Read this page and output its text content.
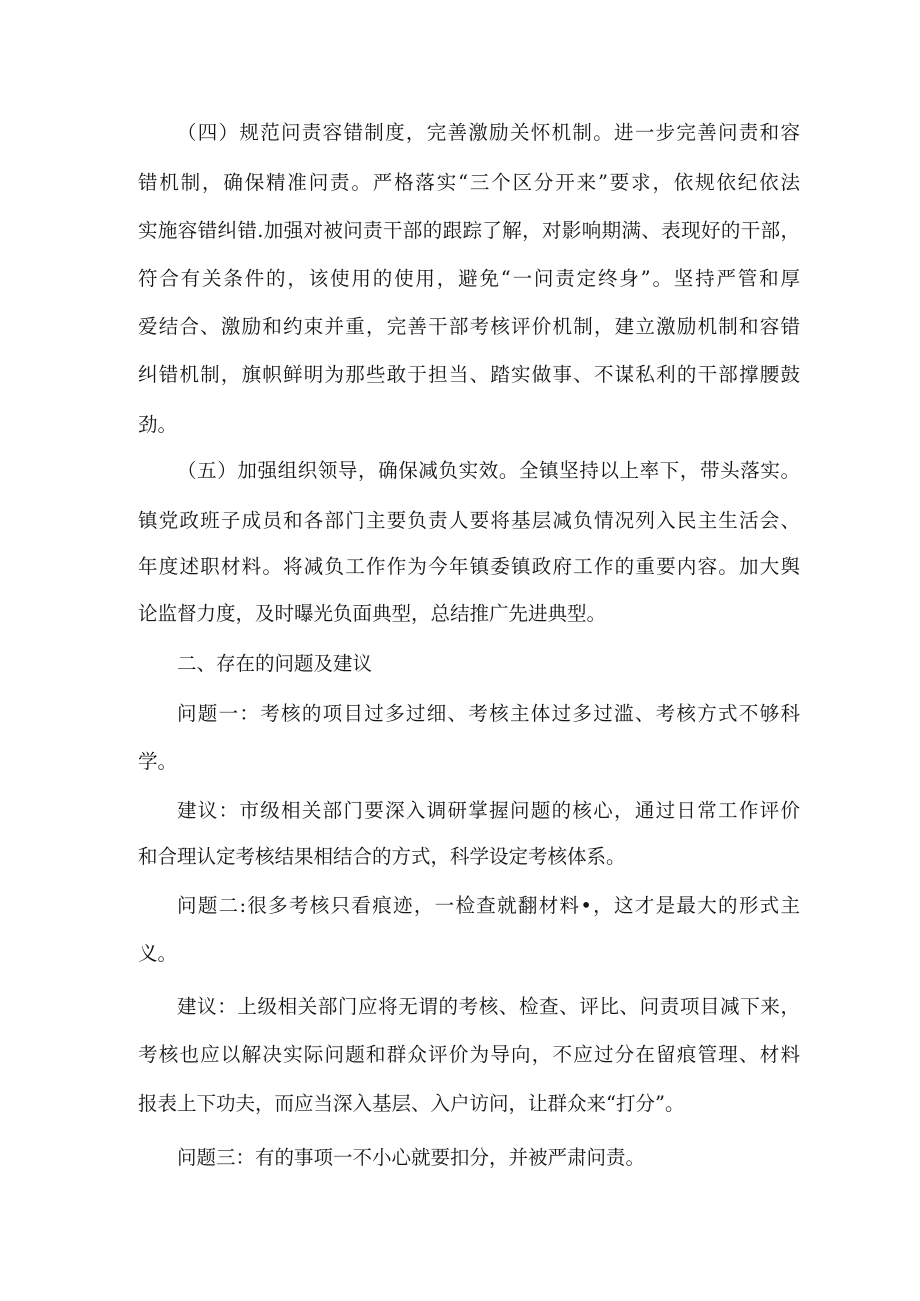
（四）规范问责容错制度，完善激励关怀机制。进一步完善问责和容
错机制，确保精准问责。严格落实“三个区分开来”要求，依规依纪依法
实施容错纠错.加强对被问责干部的跟踪了解，对影响期满、表现好的干部，
符合有关条件的，该使用的使用，避免“一问责定终身”。坚持严管和厚
爱结合、激励和约束并重，完善干部考核评价机制，建立激励机制和容错
纠错机制，旗帜鲜明为那些敢于担当、踏实做事、不谋私利的干部撑腰鼓
劲。
（五）加强组织领导，确保减负实效。全镇坚持以上率下，带头落实。
镇党政班子成员和各部门主要负责人要将基层减负情况列入民主生活会、
年度述职材料。将减负工作作为今年镇委镇政府工作的重要内容。加大舆
论监督力度，及时曝光负面典型，总结推广先进典型。
二、存在的问题及建议
问题一：考核的项目过多过细、考核主体过多过滥、考核方式不够科
学。
建议：市级相关部门要深入调研掌握问题的核心，通过日常工作评价
和合理认定考核结果相结合的方式，科学设定考核体系。
问题二:很多考核只看痕迹，一检查就翻材料•，这才是最大的形式主
义。
建议：上级相关部门应将无谓的考核、检查、评比、问责项目减下来，
考核也应以解决实际问题和群众评价为导向，不应过分在留痕管理、材料
报表上下功夫，而应当深入基层、入户访问，让群众来“打分”。
问题三：有的事项一不小心就要扣分，并被严肃问责。
